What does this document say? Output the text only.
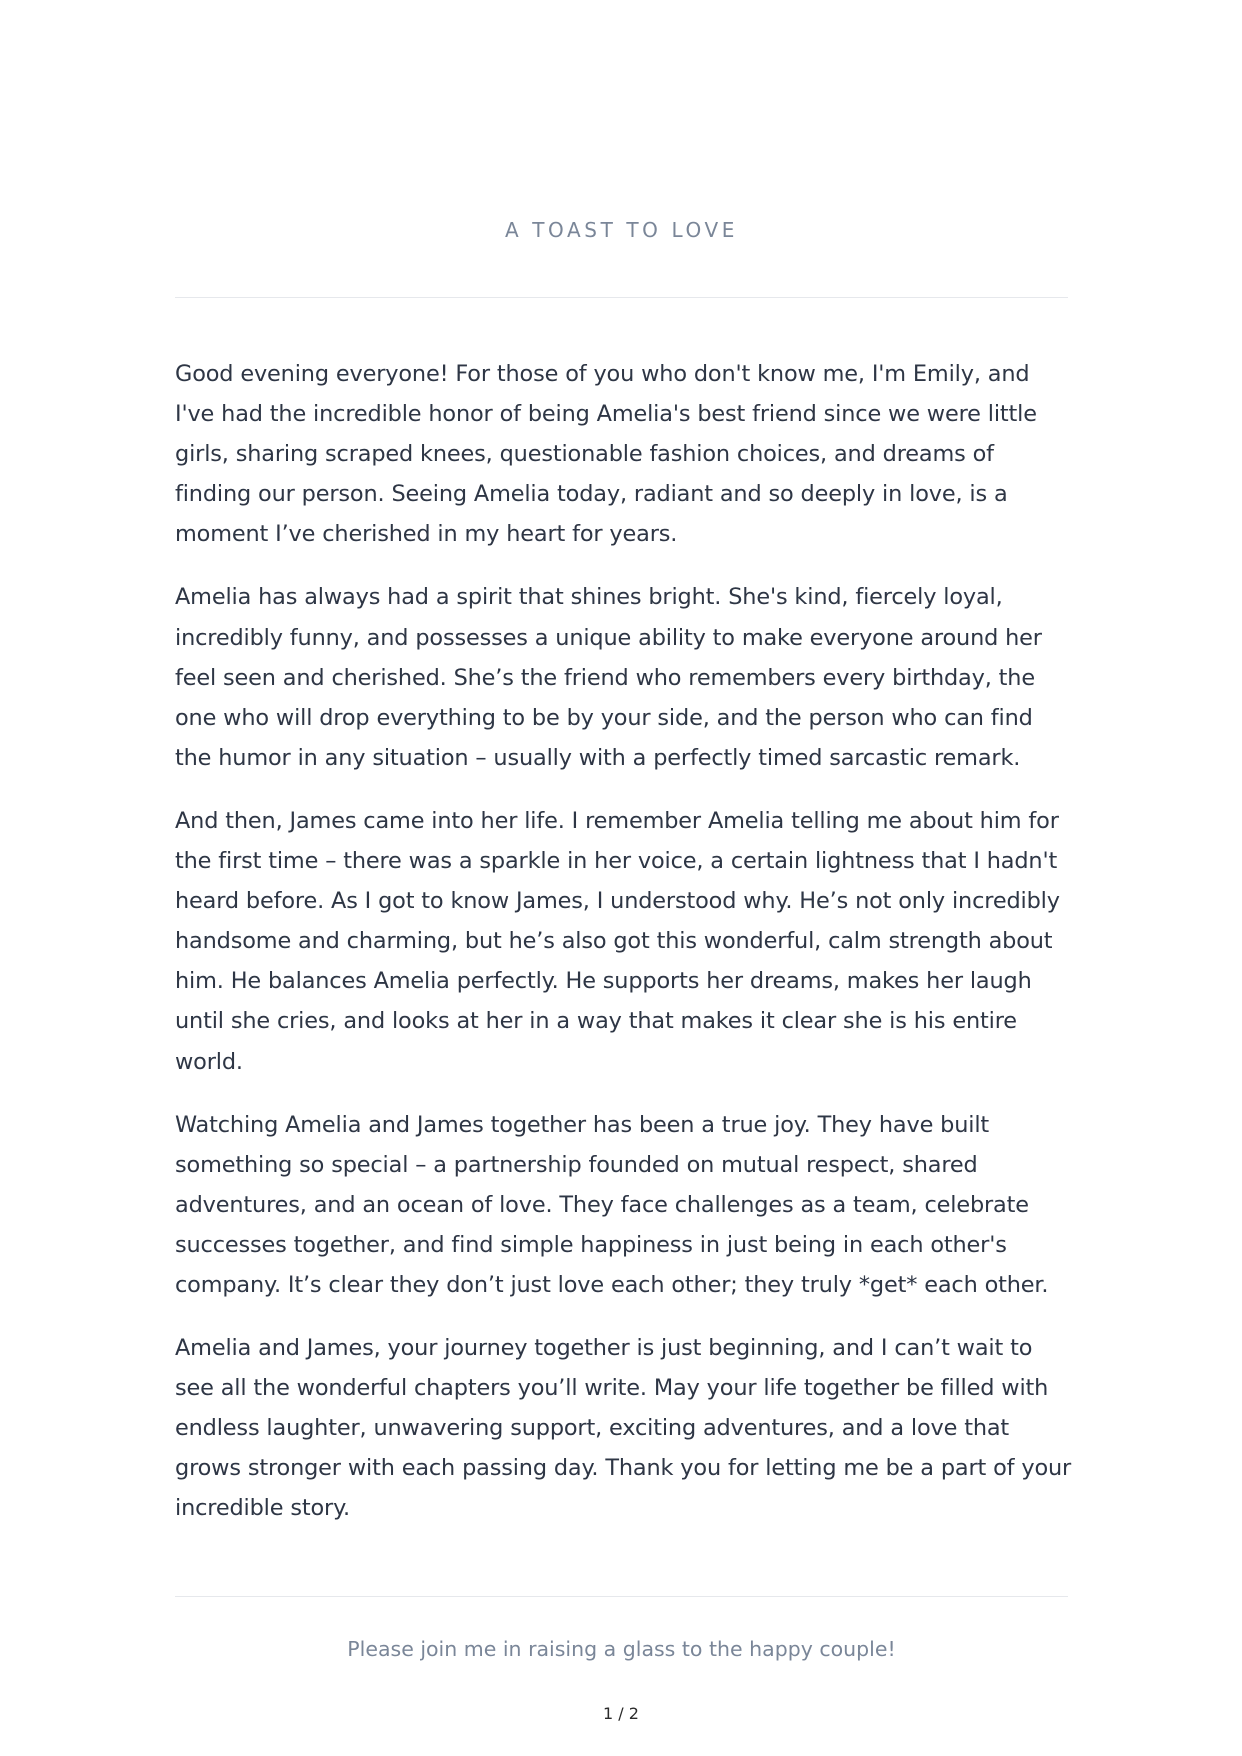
A TOAST TO LOVE

Good evening everyone! For those of you who don't know me, I'm Emily, and I've had the incredible honor of being Amelia's best friend since we were little girls, sharing scraped knees, questionable fashion choices, and dreams of finding our person. Seeing Amelia today, radiant and so deeply in love, is a moment I’ve cherished in my heart for years.

Amelia has always had a spirit that shines bright. She's kind, fiercely loyal, incredibly funny, and possesses a unique ability to make everyone around her feel seen and cherished. She’s the friend who remembers every birthday, the one who will drop everything to be by your side, and the person who can find the humor in any situation – usually with a perfectly timed sarcastic remark.

And then, James came into her life. I remember Amelia telling me about him for the first time – there was a sparkle in her voice, a certain lightness that I hadn't heard before. As I got to know James, I understood why. He’s not only incredibly handsome and charming, but he’s also got this wonderful, calm strength about him. He balances Amelia perfectly. He supports her dreams, makes her laugh until she cries, and looks at her in a way that makes it clear she is his entire world.

Watching Amelia and James together has been a true joy. They have built something so special – a partnership founded on mutual respect, shared adventures, and an ocean of love. They face challenges as a team, celebrate successes together, and find simple happiness in just being in each other's company. It’s clear they don’t just love each other; they truly *get* each other.

Amelia and James, your journey together is just beginning, and I can’t wait to see all the wonderful chapters you’ll write. May your life together be filled with endless laughter, unwavering support, exciting adventures, and a love that grows stronger with each passing day. Thank you for letting me be a part of your incredible story.

Please join me in raising a glass to the happy couple!
1 / 2
